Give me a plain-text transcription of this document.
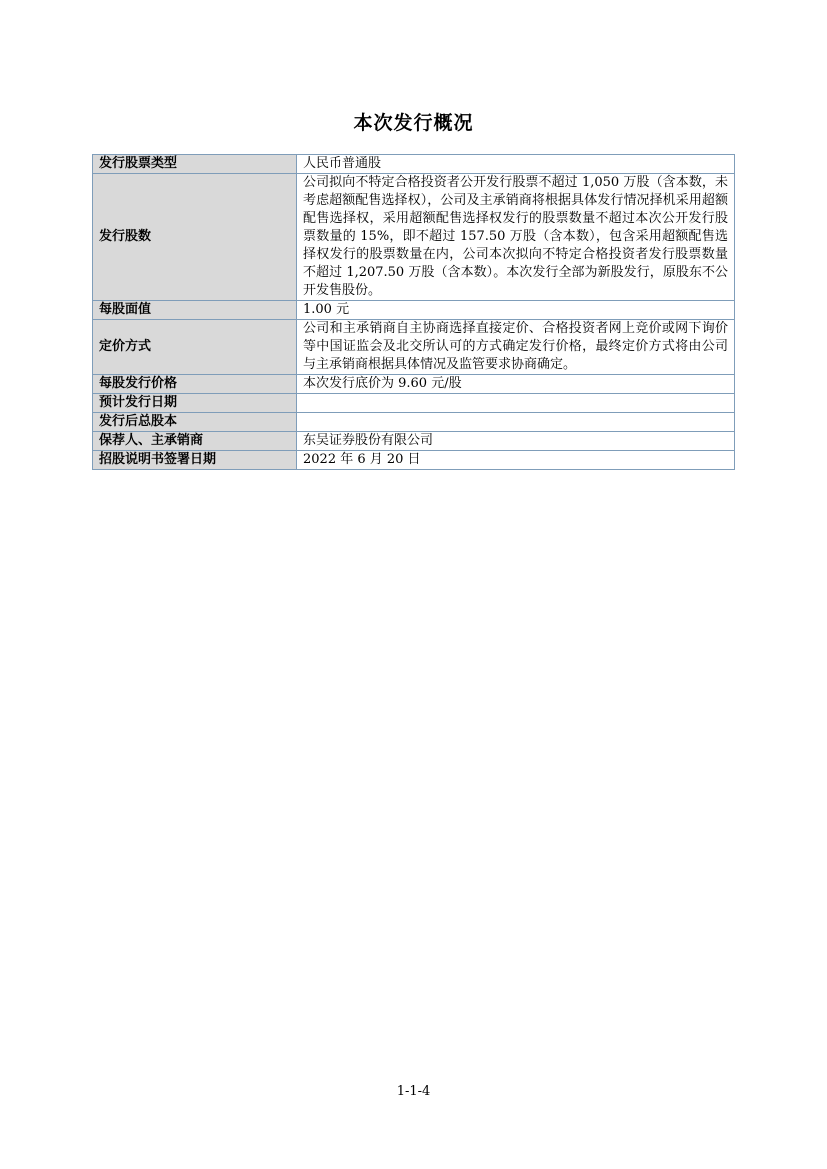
本次发行概况
发行股票类型	人民币普通股
发行股数	公司拟向不特定合格投资者公开发行股票不超过 1,050 万股（含本数，未考虑超额配售选择权），公司及主承销商将根据具体发行情况择机采用超额配售选择权，采用超额配售选择权发行的股票数量不超过本次公开发行股票数量的 15%，即不超过 157.50 万股（含本数），包含采用超额配售选择权发行的股票数量在内，公司本次拟向不特定合格投资者发行股票数量不超过 1,207.50 万股（含本数）。本次发行全部为新股发行，原股东不公开发售股份。
每股面值	1.00 元
定价方式	公司和主承销商自主协商选择直接定价、合格投资者网上竞价或网下询价等中国证监会及北交所认可的方式确定发行价格，最终定价方式将由公司与主承销商根据具体情况及监管要求协商确定。
每股发行价格	本次发行底价为 9.60 元/股
预计发行日期	
发行后总股本	
保荐人、主承销商	东吴证券股份有限公司
招股说明书签署日期	2022 年 6 月 20 日
1-1-4
